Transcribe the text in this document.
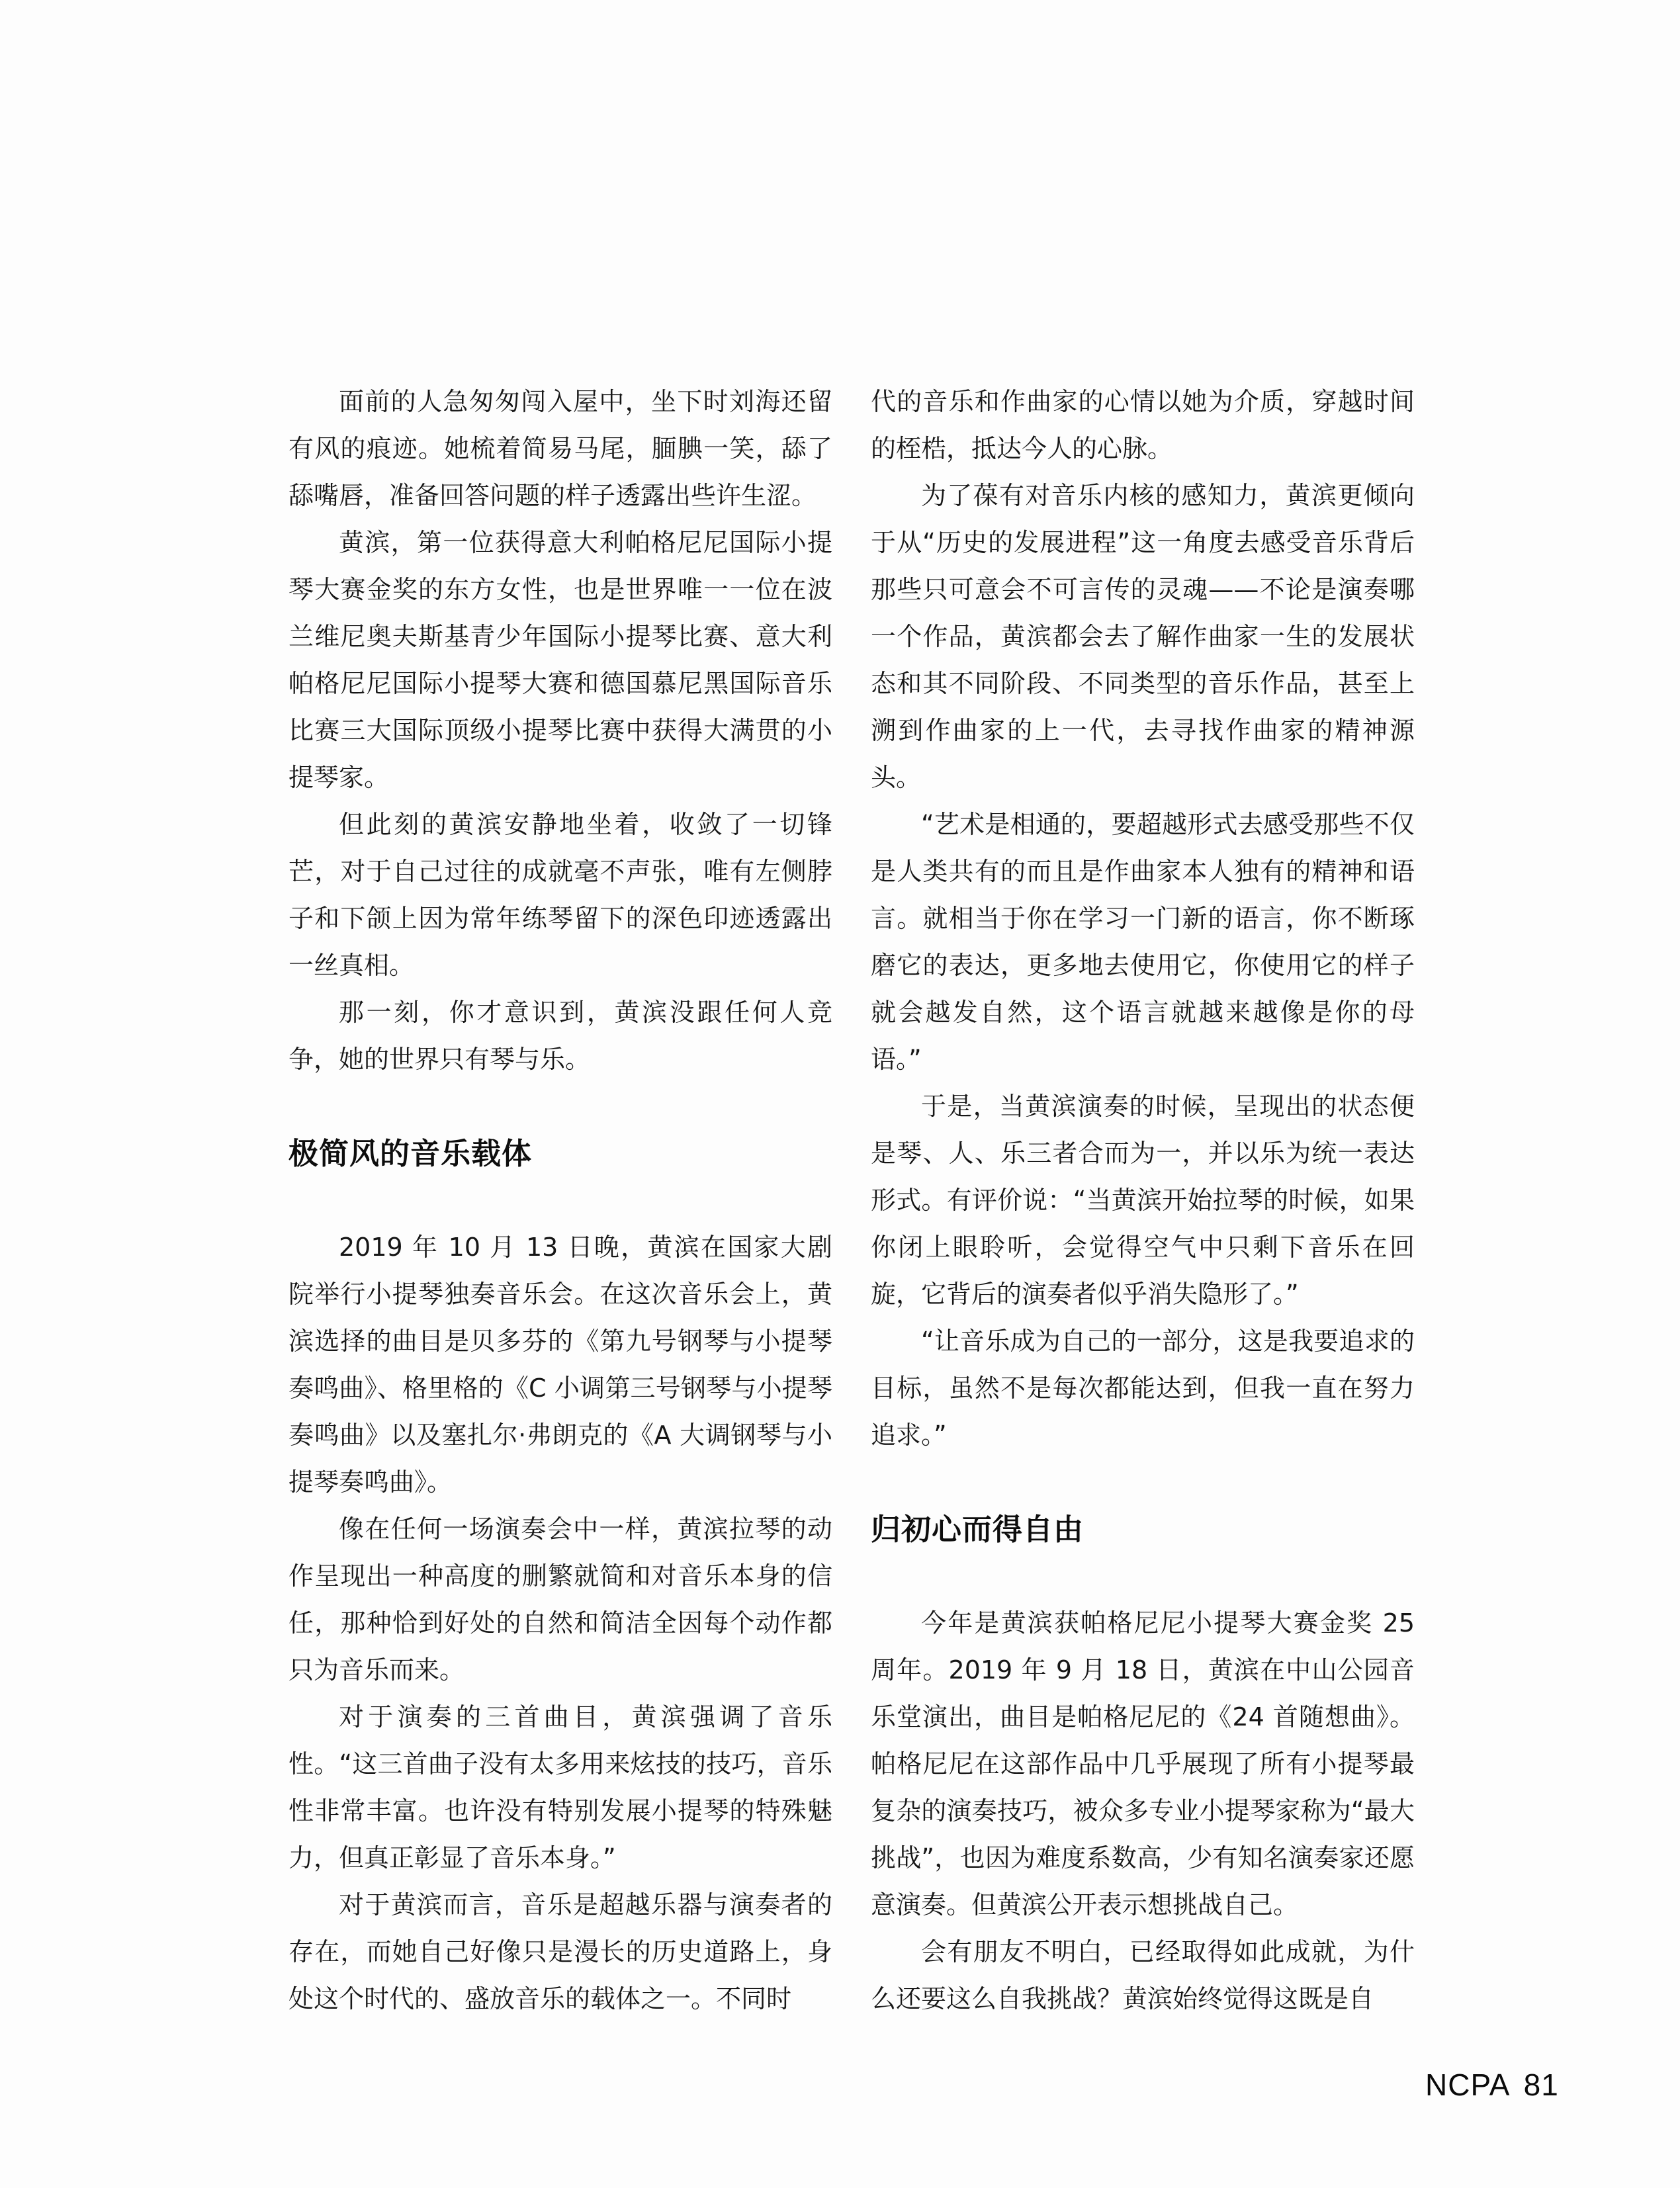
面前的人急匆匆闯入屋中，坐下时刘海还留有风的痕迹。她梳着简易马尾，腼腆一笑，舔了舔嘴唇，准备回答问题的样子透露出些许生涩。

黄滨，第一位获得意大利帕格尼尼国际小提琴大赛金奖的东方女性，也是世界唯一一位在波兰维尼奥夫斯基青少年国际小提琴比赛、意大利帕格尼尼国际小提琴大赛和德国慕尼黑国际音乐比赛三大国际顶级小提琴比赛中获得大满贯的小提琴家。

但此刻的黄滨安静地坐着，收敛了一切锋芒，对于自己过往的成就毫不声张，唯有左侧脖子和下颌上因为常年练琴留下的深色印迹透露出一丝真相。

那一刻，你才意识到，黄滨没跟任何人竞争，她的世界只有琴与乐。

极简风的音乐载体

2019 年 10 月 13 日晚，黄滨在国家大剧院举行小提琴独奏音乐会。在这次音乐会上，黄滨选择的曲目是贝多芬的《第九号钢琴与小提琴奏鸣曲》、格里格的《C 小调第三号钢琴与小提琴奏鸣曲》以及塞扎尔·弗朗克的《A 大调钢琴与小提琴奏鸣曲》。

像在任何一场演奏会中一样，黄滨拉琴的动作呈现出一种高度的删繁就简和对音乐本身的信任，那种恰到好处的自然和简洁全因每个动作都只为音乐而来。

对于演奏的三首曲目，黄滨强调了音乐性。“这三首曲子没有太多用来炫技的技巧，音乐性非常丰富。也许没有特别发展小提琴的特殊魅力，但真正彰显了音乐本身。”

对于黄滨而言，音乐是超越乐器与演奏者的存在，而她自己好像只是漫长的历史道路上，身处这个时代的、盛放音乐的载体之一。不同时

代的音乐和作曲家的心情以她为介质，穿越时间的桎梏，抵达今人的心脉。

为了葆有对音乐内核的感知力，黄滨更倾向于从“历史的发展进程”这一角度去感受音乐背后那些只可意会不可言传的灵魂——不论是演奏哪一个作品，黄滨都会去了解作曲家一生的发展状态和其不同阶段、不同类型的音乐作品，甚至上溯到作曲家的上一代，去寻找作曲家的精神源头。

“艺术是相通的，要超越形式去感受那些不仅是人类共有的而且是作曲家本人独有的精神和语言。就相当于你在学习一门新的语言，你不断琢磨它的表达，更多地去使用它，你使用它的样子就会越发自然，这个语言就越来越像是你的母语。”

于是，当黄滨演奏的时候，呈现出的状态便是琴、人、乐三者合而为一，并以乐为统一表达形式。有评价说：“当黄滨开始拉琴的时候，如果你闭上眼聆听，会觉得空气中只剩下音乐在回旋，它背后的演奏者似乎消失隐形了。”

“让音乐成为自己的一部分，这是我要追求的目标，虽然不是每次都能达到，但我一直在努力追求。”

归初心而得自由

今年是黄滨获帕格尼尼小提琴大赛金奖 25 周年。2019 年 9 月 18 日，黄滨在中山公园音乐堂演出，曲目是帕格尼尼的《24 首随想曲》。帕格尼尼在这部作品中几乎展现了所有小提琴最复杂的演奏技巧，被众多专业小提琴家称为“最大挑战”，也因为难度系数高，少有知名演奏家还愿意演奏。但黄滨公开表示想挑战自己。

会有朋友不明白，已经取得如此成就，为什么还要这么自我挑战？黄滨始终觉得这既是自

NCPA 81
